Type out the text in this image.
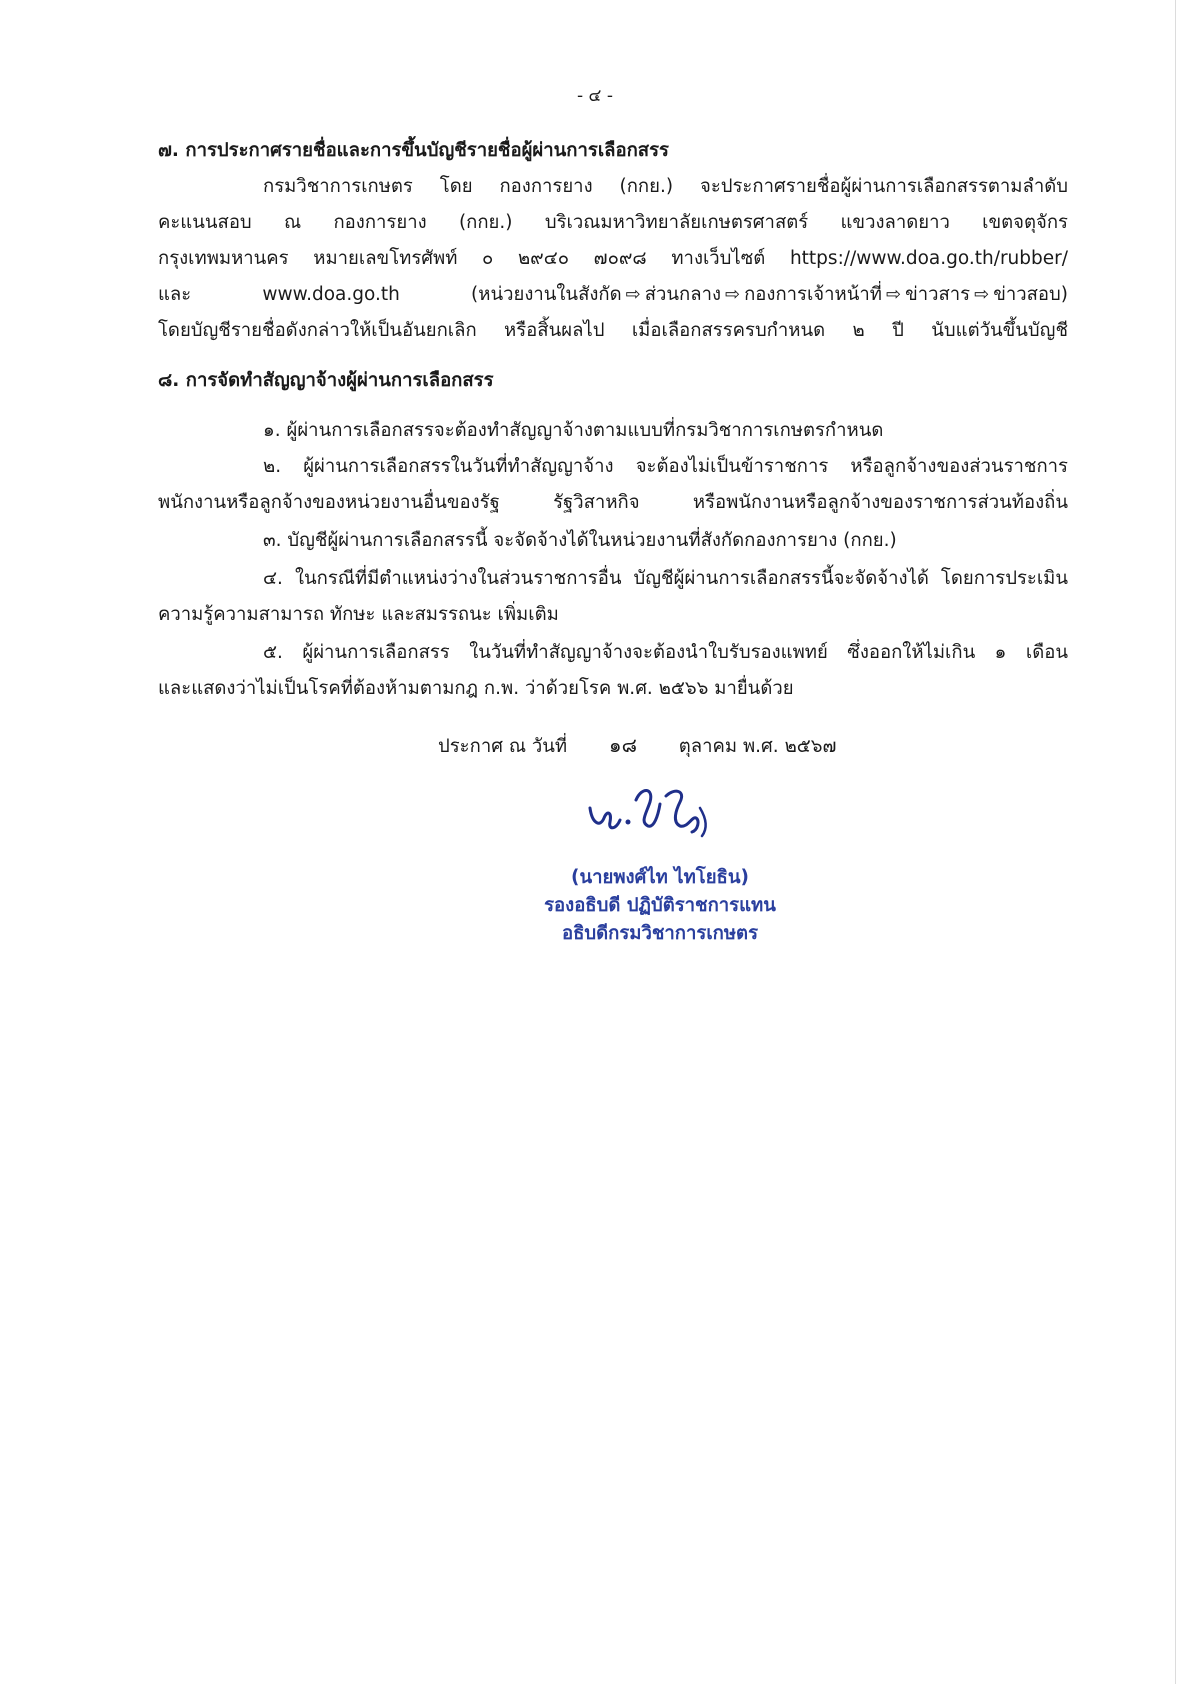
- ๔ -
๗. การประกาศรายชื่อและการขึ้นบัญชีรายชื่อผู้ผ่านการเลือกสรร
กรมวิชาการเกษตร โดย กองการยาง (กกย.) จะประกาศรายชื่อผู้ผ่านการเลือกสรรตามลำดับ
คะแนนสอบ ณ กองการยาง (กกย.) บริเวณมหาวิทยาลัยเกษตรศาสตร์ แขวงลาดยาว เขตจตุจักร
กรุงเทพมหานคร หมายเลขโทรศัพท์ ๐ ๒๙๔๐ ๗๐๙๘ ทางเว็บไซต์ https://www.doa.go.th/rubber/
และ www.doa.go.th (หน่วยงานในสังกัด ⇨ ส่วนกลาง ⇨ กองการเจ้าหน้าที่ ⇨ ข่าวสาร ⇨ ข่าวสอบ)
โดยบัญชีรายชื่อดังกล่าวให้เป็นอันยกเลิก หรือสิ้นผลไป เมื่อเลือกสรรครบกำหนด ๒ ปี นับแต่วันขึ้นบัญชี
๘. การจัดทำสัญญาจ้างผู้ผ่านการเลือกสรร
๑. ผู้ผ่านการเลือกสรรจะต้องทำสัญญาจ้างตามแบบที่กรมวิชาการเกษตรกำหนด
๒. ผู้ผ่านการเลือกสรรในวันที่ทำสัญญาจ้าง จะต้องไม่เป็นข้าราชการ หรือลูกจ้างของส่วนราชการ
พนักงานหรือลูกจ้างของหน่วยงานอื่นของรัฐ รัฐวิสาหกิจ หรือพนักงานหรือลูกจ้างของราชการส่วนท้องถิ่น
๓. บัญชีผู้ผ่านการเลือกสรรนี้ จะจัดจ้างได้ในหน่วยงานที่สังกัดกองการยาง (กกย.)
๔. ในกรณีที่มีตำแหน่งว่างในส่วนราชการอื่น บัญชีผู้ผ่านการเลือกสรรนี้จะจัดจ้างได้ โดยการประเมิน
ความรู้ความสามารถ ทักษะ และสมรรถนะ เพิ่มเติม
๕. ผู้ผ่านการเลือกสรร ในวันที่ทำสัญญาจ้างจะต้องนำใบรับรองแพทย์ ซึ่งออกให้ไม่เกิน ๑ เดือน
และแสดงว่าไม่เป็นโรคที่ต้องห้ามตามกฎ ก.พ. ว่าด้วยโรค พ.ศ. ๒๕๖๖ มายื่นด้วย
ประกาศ ณ วันที่ ๑๘ ตุลาคม พ.ศ. ๒๕๖๗
(นายพงศ์ไท ไทโยธิน)
รองอธิบดี ปฏิบัติราชการแทน
อธิบดีกรมวิชาการเกษตร
